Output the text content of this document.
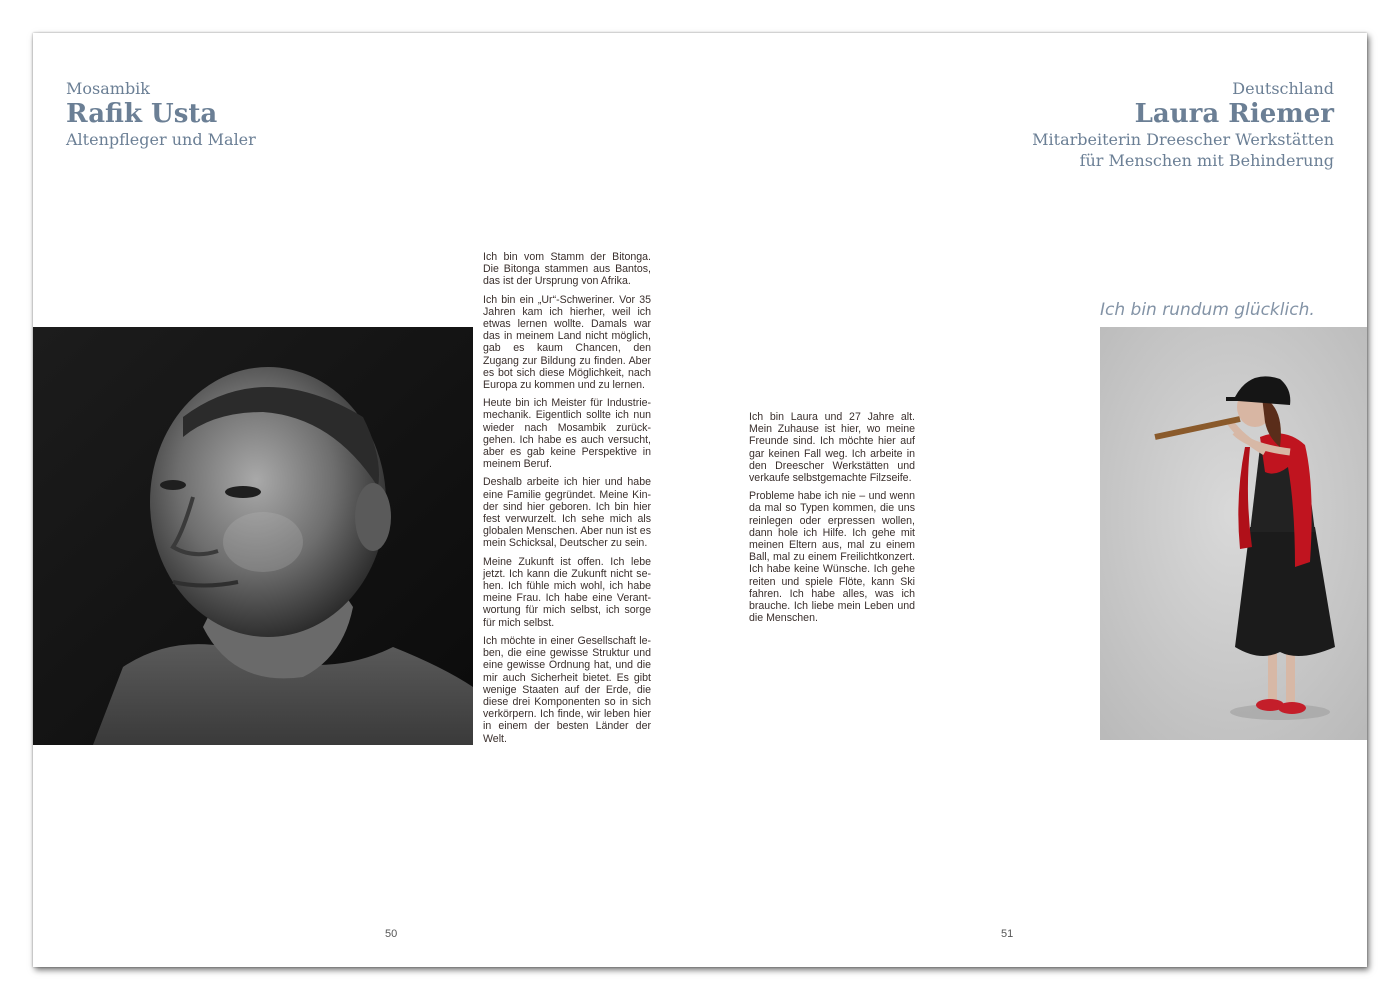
Mosambik
Rafik Usta
Altenpfleger und Maler

Ich bin vom Stamm der Bitonga. Die Bitonga stammen aus Bantos, das ist der Ursprung von Afrika.

Ich bin ein „Ur“-Schweriner. Vor 35 Jahren kam ich hierher, weil ich etwas lernen wollte. Damals war das in meinem Land nicht möglich, gab es kaum Chancen, den Zugang zur Bildung zu finden. Aber es bot sich diese Möglichkeit, nach Europa zu kommen und zu lernen.

Heute bin ich Meister für Industriemechanik. Eigentlich sollte ich nun wieder nach Mosambik zurückgehen. Ich habe es auch versucht, aber es gab keine Perspektive in meinem Beruf.

Deshalb arbeite ich hier und habe eine Familie gegründet. Meine Kinder sind hier geboren. Ich bin hier fest verwurzelt. Ich sehe mich als globalen Menschen. Aber nun ist es mein Schicksal, Deutscher zu sein.

Meine Zukunft ist offen. Ich lebe jetzt. Ich kann die Zukunft nicht sehen. Ich fühle mich wohl, ich habe meine Frau. Ich habe eine Verantwortung für mich selbst, ich sorge für mich selbst.

Ich möchte in einer Gesellschaft leben, die eine gewisse Struktur und eine gewisse Ordnung hat, und die mir auch Sicherheit bietet. Es gibt wenige Staaten auf der Erde, die diese drei Komponenten so in sich verkörpern. Ich finde, wir leben hier in einem der besten Länder der Welt.

50
Deutschland
Laura Riemer
Mitarbeiterin Dreescher Werkstätten
für Menschen mit Behinderung

Ich bin Laura und 27 Jahre alt. Mein Zuhause ist hier, wo meine Freunde sind. Ich möchte hier auf gar keinen Fall weg. Ich arbeite in den Dreescher Werkstätten und verkaufe selbstgemachte Filzseife.

Probleme habe ich nie – und wenn da mal so Typen kommen, die uns reinlegen oder erpressen wollen, dann hole ich Hilfe. Ich gehe mit meinen Eltern aus, mal zu einem Ball, mal zu einem Freilichtkonzert. Ich habe keine Wünsche. Ich gehe reiten und spiele Flöte, kann Ski fahren. Ich habe alles, was ich brauche. Ich liebe mein Leben und die Menschen.

Ich bin rundum glücklich.
51
